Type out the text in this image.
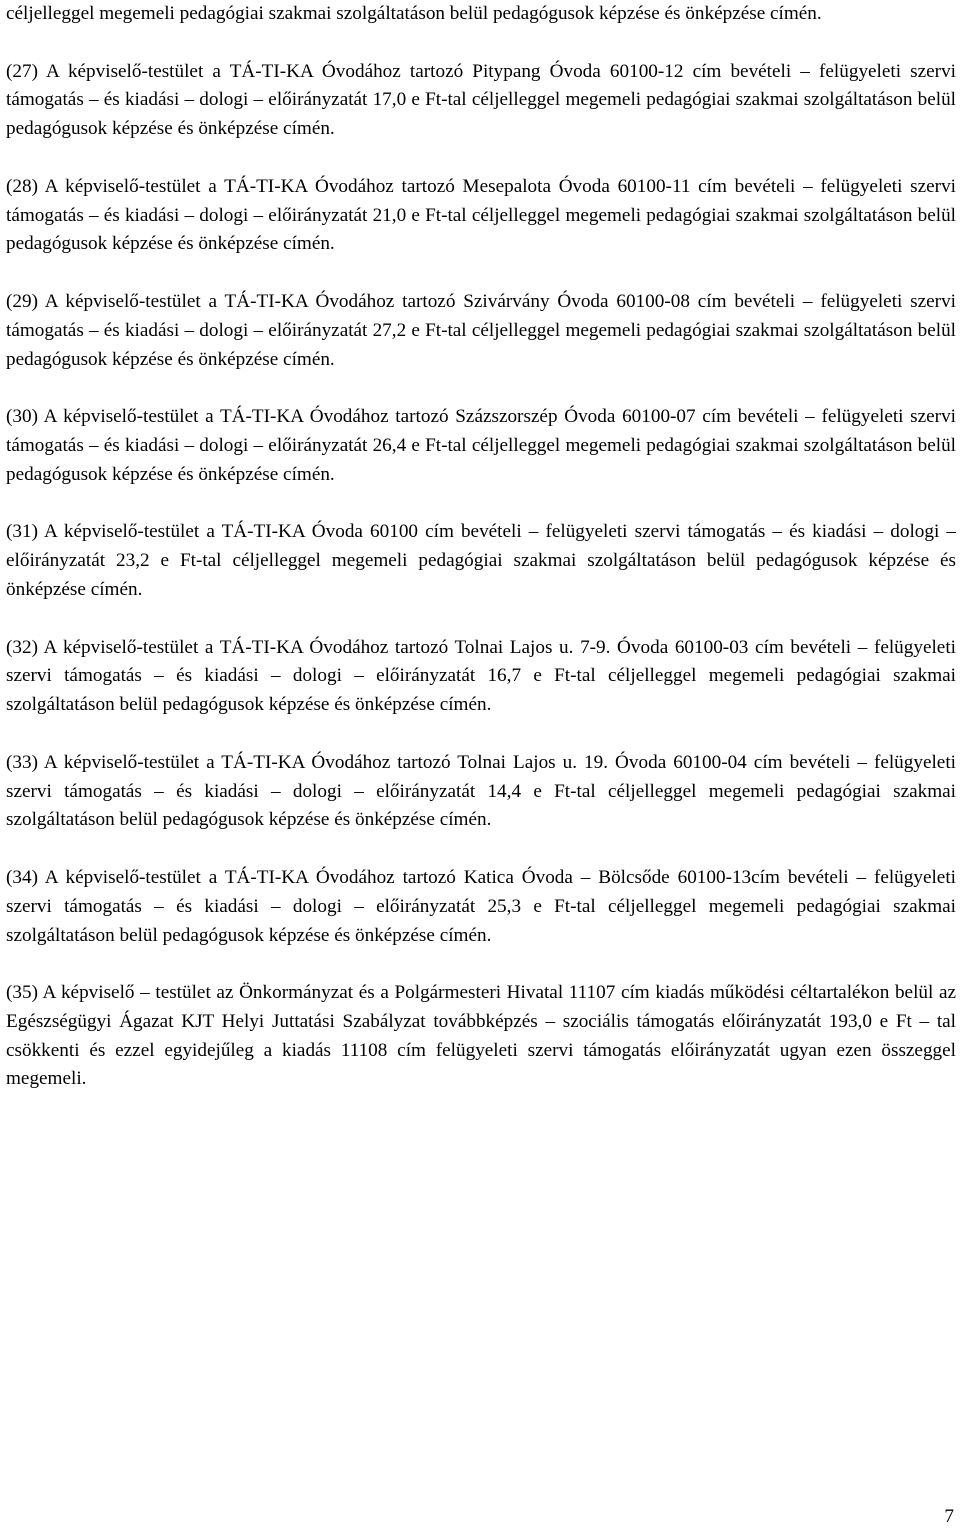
céljelleggel megemeli pedagógiai szakmai szolgáltatáson belül pedagógusok képzése és önképzése címén.

(27) A képviselő-testület a TÁ-TI-KA Óvodához tartozó Pitypang Óvoda 60100-12 cím bevételi – felügyeleti szervi támogatás – és kiadási – dologi – előirányzatát 17,0 e Ft-tal céljelleggel megemeli pedagógiai szakmai szolgáltatáson belül pedagógusok képzése és önképzése címén.

(28) A képviselő-testület a TÁ-TI-KA Óvodához tartozó Mesepalota Óvoda 60100-11 cím bevételi – felügyeleti szervi támogatás – és kiadási – dologi – előirányzatát 21,0 e Ft-tal céljelleggel megemeli pedagógiai szakmai szolgáltatáson belül pedagógusok képzése és önképzése címén.

(29) A képviselő-testület a TÁ-TI-KA Óvodához tartozó Szivárvány Óvoda 60100-08 cím bevételi – felügyeleti szervi támogatás – és kiadási – dologi – előirányzatát 27,2 e Ft-tal céljelleggel megemeli pedagógiai szakmai szolgáltatáson belül pedagógusok képzése és önképzése címén.

(30) A képviselő-testület a TÁ-TI-KA Óvodához tartozó Százszorszép Óvoda 60100-07 cím bevételi – felügyeleti szervi támogatás – és kiadási – dologi – előirányzatát 26,4 e Ft-tal céljelleggel megemeli pedagógiai szakmai szolgáltatáson belül pedagógusok képzése és önképzése címén.

(31) A képviselő-testület a TÁ-TI-KA Óvoda 60100 cím bevételi – felügyeleti szervi támogatás – és kiadási – dologi – előirányzatát 23,2 e Ft-tal céljelleggel megemeli pedagógiai szakmai szolgáltatáson belül pedagógusok képzése és önképzése címén.

(32) A képviselő-testület a TÁ-TI-KA Óvodához tartozó Tolnai Lajos u. 7-9. Óvoda 60100-03 cím bevételi – felügyeleti szervi támogatás – és kiadási – dologi – előirányzatát 16,7 e Ft-tal céljelleggel megemeli pedagógiai szakmai szolgáltatáson belül pedagógusok képzése és önképzése címén.

(33) A képviselő-testület a TÁ-TI-KA Óvodához tartozó Tolnai Lajos u. 19. Óvoda 60100-04 cím bevételi – felügyeleti szervi támogatás – és kiadási – dologi – előirányzatát 14,4 e Ft-tal céljelleggel megemeli pedagógiai szakmai szolgáltatáson belül pedagógusok képzése és önképzése címén.

(34) A képviselő-testület a TÁ-TI-KA Óvodához tartozó Katica Óvoda – Bölcsőde 60100-13cím bevételi – felügyeleti szervi támogatás – és kiadási – dologi – előirányzatát 25,3 e Ft-tal céljelleggel megemeli pedagógiai szakmai szolgáltatáson belül pedagógusok képzése és önképzése címén.

(35) A képviselő – testület az Önkormányzat és a Polgármesteri Hivatal 11107 cím kiadás működési céltartalékon belül az Egészségügyi Ágazat KJT Helyi Juttatási Szabályzat továbbképzés – szociális támogatás előirányzatát 193,0 e Ft – tal csökkenti és ezzel egyidejűleg a kiadás 11108 cím felügyeleti szervi támogatás előirányzatát ugyan ezen összeggel megemeli.

7
